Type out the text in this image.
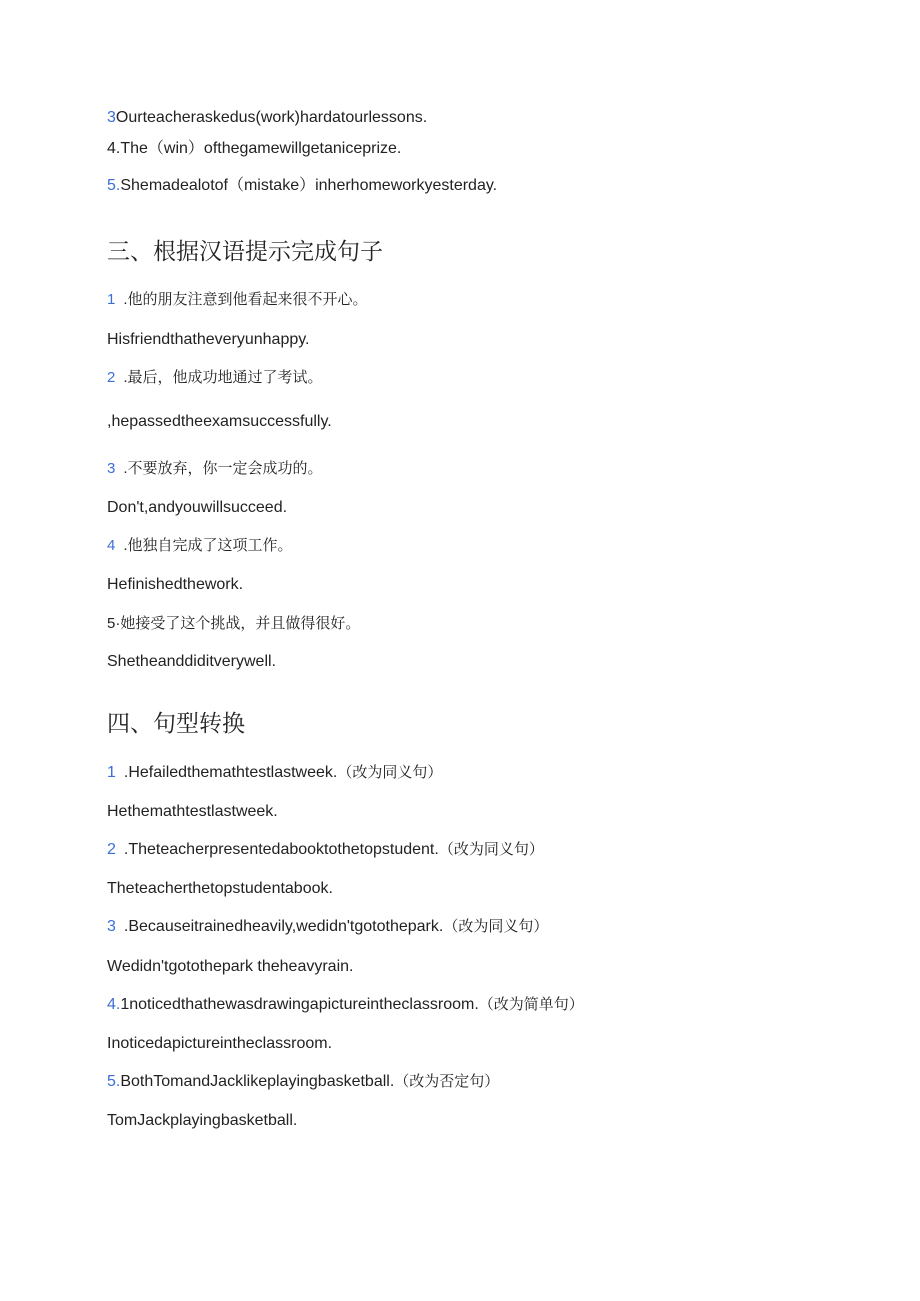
3Ourteacheraskedus(work)hardatourlessons.
4.The（win）ofthegamewillgetaniceprize.
5.Shemadealotof（mistake）inherhomeworkyesterday.
三、根据汉语提示完成句子
1 .他的朋友注意到他看起来很不开心。
Hisfriendthatheveryunhappy.
2 .最后，他成功地通过了考试。
,hepassedtheexamsuccessfully.
3 .不要放弃，你一定会成功的。
Don't,andyouwillsucceed.
4 .他独自完成了这项工作。
Hefinishedthework.
5·她接受了这个挑战，并且做得很好。
Shetheanddiditverywell.
四、句型转换
1 .Hefailedthemathtestlastweek.（改为同义句）
Hethemathtestlastweek.
2 .Theteacherpresentedabooktothetopstudent.（改为同义句）
Theteacherthetopstudentabook.
3 .Becauseitrainedheavily,wedidn'tgotothepark.（改为同义句）
Wedidn'tgotothepark theheavyrain.
4.1noticedthathewasdrawingapictureintheclassroom.（改为简单句）
Inoticedapictureintheclassroom.
5.BothTomandJacklikeplayingbasketball.（改为否定句）
TomJackplayingbasketball.
